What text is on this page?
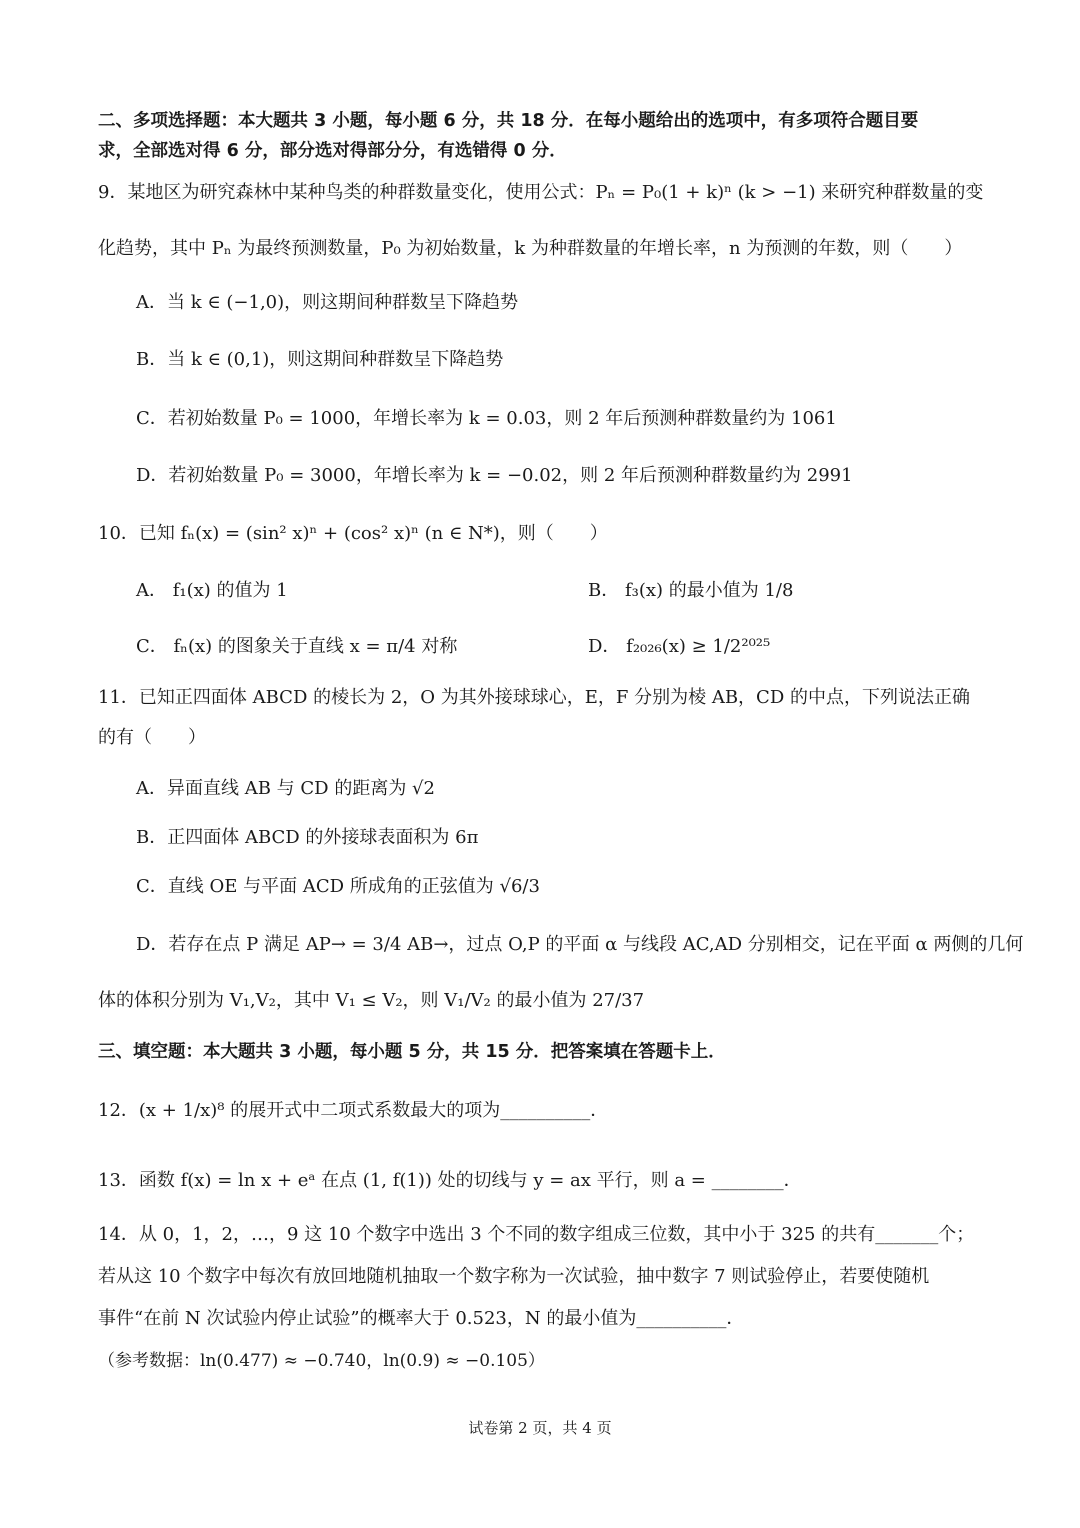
二、多项选择题：本大题共 3 小题，每小题 6 分，共 18 分．在每小题给出的选项中，有多项符合题目要
求，全部选对得 6 分，部分选对得部分分，有选错得 0 分．
9．某地区为研究森林中某种鸟类的种群数量变化，使用公式：Pₙ = P₀(1 + k)ⁿ (k > −1) 来研究种群数量的变
化趋势，其中 Pₙ 为最终预测数量，P₀ 为初始数量，k 为种群数量的年增长率，n 为预测的年数，则（　　）
A．当 k ∈ (−1,0)，则这期间种群数呈下降趋势
B．当 k ∈ (0,1)，则这期间种群数呈下降趋势
C．若初始数量 P₀ = 1000，年增长率为 k = 0.03，则 2 年后预测种群数量约为 1061
D．若初始数量 P₀ = 3000，年增长率为 k = −0.02，则 2 年后预测种群数量约为 2991
10．已知 fₙ(x) = (sin² x)ⁿ + (cos² x)ⁿ (n ∈ N*)，则（　　）
A． f₁(x) 的值为 1	B． f₃(x) 的最小值为 1/8
C． fₙ(x) 的图象关于直线 x = π/4 对称	D． f₂₀₂₆(x) ≥ 1/2²⁰²⁵
11．已知正四面体 ABCD 的棱长为 2，O 为其外接球球心，E，F 分别为棱 AB，CD 的中点，下列说法正确
的有（　　）
A．异面直线 AB 与 CD 的距离为 √2
B．正四面体 ABCD 的外接球表面积为 6π
C．直线 OE 与平面 ACD 所成角的正弦值为 √6/3
D．若存在点 P 满足 AP→ = 3/4 AB→，过点 O,P 的平面 α 与线段 AC,AD 分别相交，记在平面 α 两侧的几何
体的体积分别为 V₁,V₂，其中 V₁ ≤ V₂，则 V₁/V₂ 的最小值为 27/37
三、填空题：本大题共 3 小题，每小题 5 分，共 15 分．把答案填在答题卡上．
12．(x + 1/x)⁸ 的展开式中二项式系数最大的项为__________．
13．函数 f(x) = ln x + eᵃ 在点 (1, f(1)) 处的切线与 y = ax 平行，则 a = ________．
14．从 0，1，2，…，9 这 10 个数字中选出 3 个不同的数字组成三位数，其中小于 325 的共有_______个；
若从这 10 个数字中每次有放回地随机抽取一个数字称为一次试验，抽中数字 7 则试验停止，若要使随机
事件“在前 N 次试验内停止试验”的概率大于 0.523，N 的最小值为__________．
（参考数据：ln(0.477) ≈ −0.740，ln(0.9) ≈ −0.105）
试卷第 2 页，共 4 页
